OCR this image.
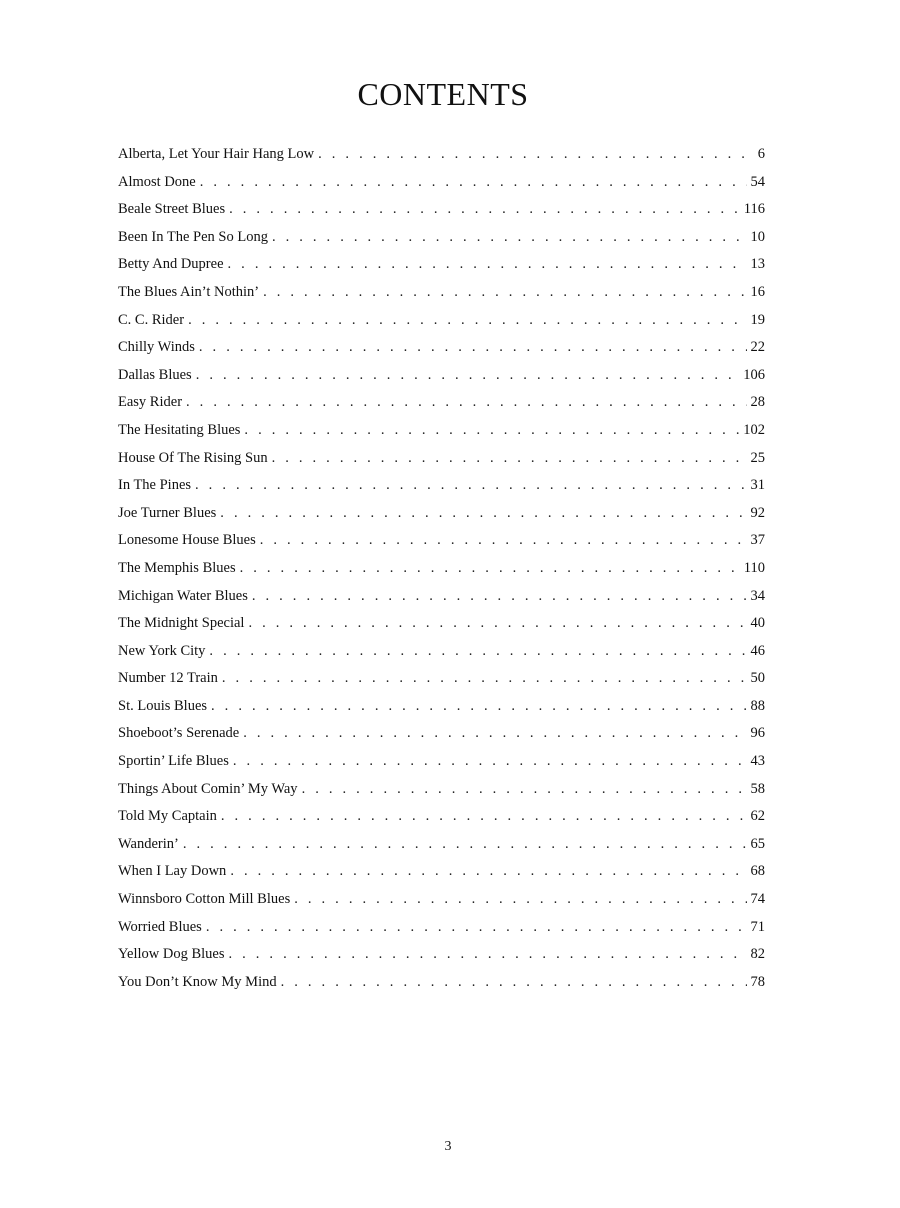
CONTENTS
Alberta, Let Your Hair Hang Low . . .	6
Almost Done . . .	54
Beale Street Blues . . .	116
Been In The Pen So Long . . .	10
Betty And Dupree . . .	13
The Blues Ain’t Nothin’ . . .	16
C. C. Rider . . .	19
Chilly Winds . . .	22
Dallas Blues . . .	106
Easy Rider . . .	28
The Hesitating Blues . . .	102
House Of The Rising Sun . . .	25
In The Pines . . .	31
Joe Turner Blues . . .	92
Lonesome House Blues . . .	37
The Memphis Blues . . .	110
Michigan Water Blues . . .	34
The Midnight Special . . .	40
New York City . . .	46
Number 12 Train . . .	50
St. Louis Blues . . .	88
Shoeboot’s Serenade . . .	96
Sportin’ Life Blues . . .	43
Things About Comin’ My Way . . .	58
Told My Captain . . .	62
Wanderin’ . . .	65
When I Lay Down . . .	68
Winnsboro Cotton Mill Blues . . .	74
Worried Blues . . .	71
Yellow Dog Blues . . .	82
You Don’t Know My Mind . . .	78
3
